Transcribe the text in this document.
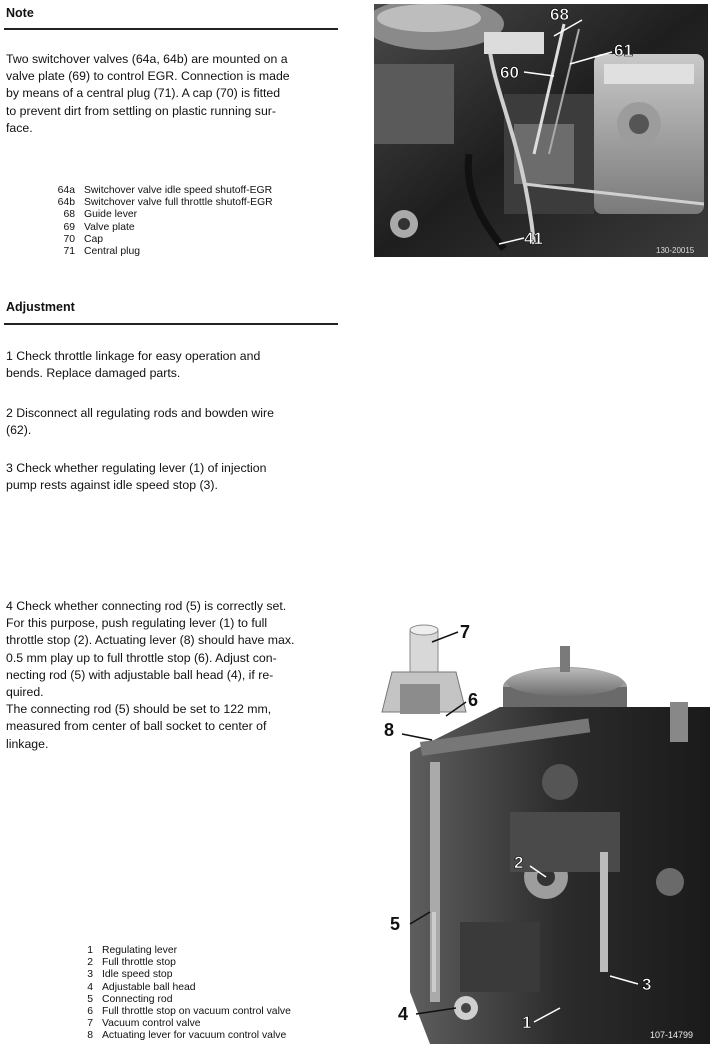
Note
Two switchover valves (64a, 64b) are mounted on a
valve plate (69) to control EGR. Connection is made
by means of a central plug (71). A cap (70) is fitted
to prevent dirt from settling on plastic running sur-
face.
64a Switchover valve idle speed shutoff-EGR
64b Switchover valve full throttle shutoff-EGR
68 Guide lever
69 Valve plate
70 Cap
71 Central plug
68
61
60
41
130-20015
Adjustment
1 Check throttle linkage for easy operation and
bends. Replace damaged parts.
2 Disconnect all regulating rods and bowden wire
(62).
3 Check whether regulating lever (1) of injection
pump rests against idle speed stop (3).
4 Check whether connecting rod (5) is correctly set.
For this purpose, push regulating lever (1) to full
throttle stop (2). Actuating lever (8) should have max.
0.5 mm play up to full throttle stop (6). Adjust con-
necting rod (5) with adjustable ball head (4), if re-
quired.
The connecting rod (5) should be set to 122 mm,
measured from center of ball socket to center of
linkage.
1 Regulating lever
2 Full throttle stop
3 Idle speed stop
4 Adjustable ball head
5 Connecting rod
6 Full throttle stop on vacuum control valve
7 Vacuum control valve
8 Actuating lever for vacuum control valve
7
6
8
2
5
3
4	1
107-14799
